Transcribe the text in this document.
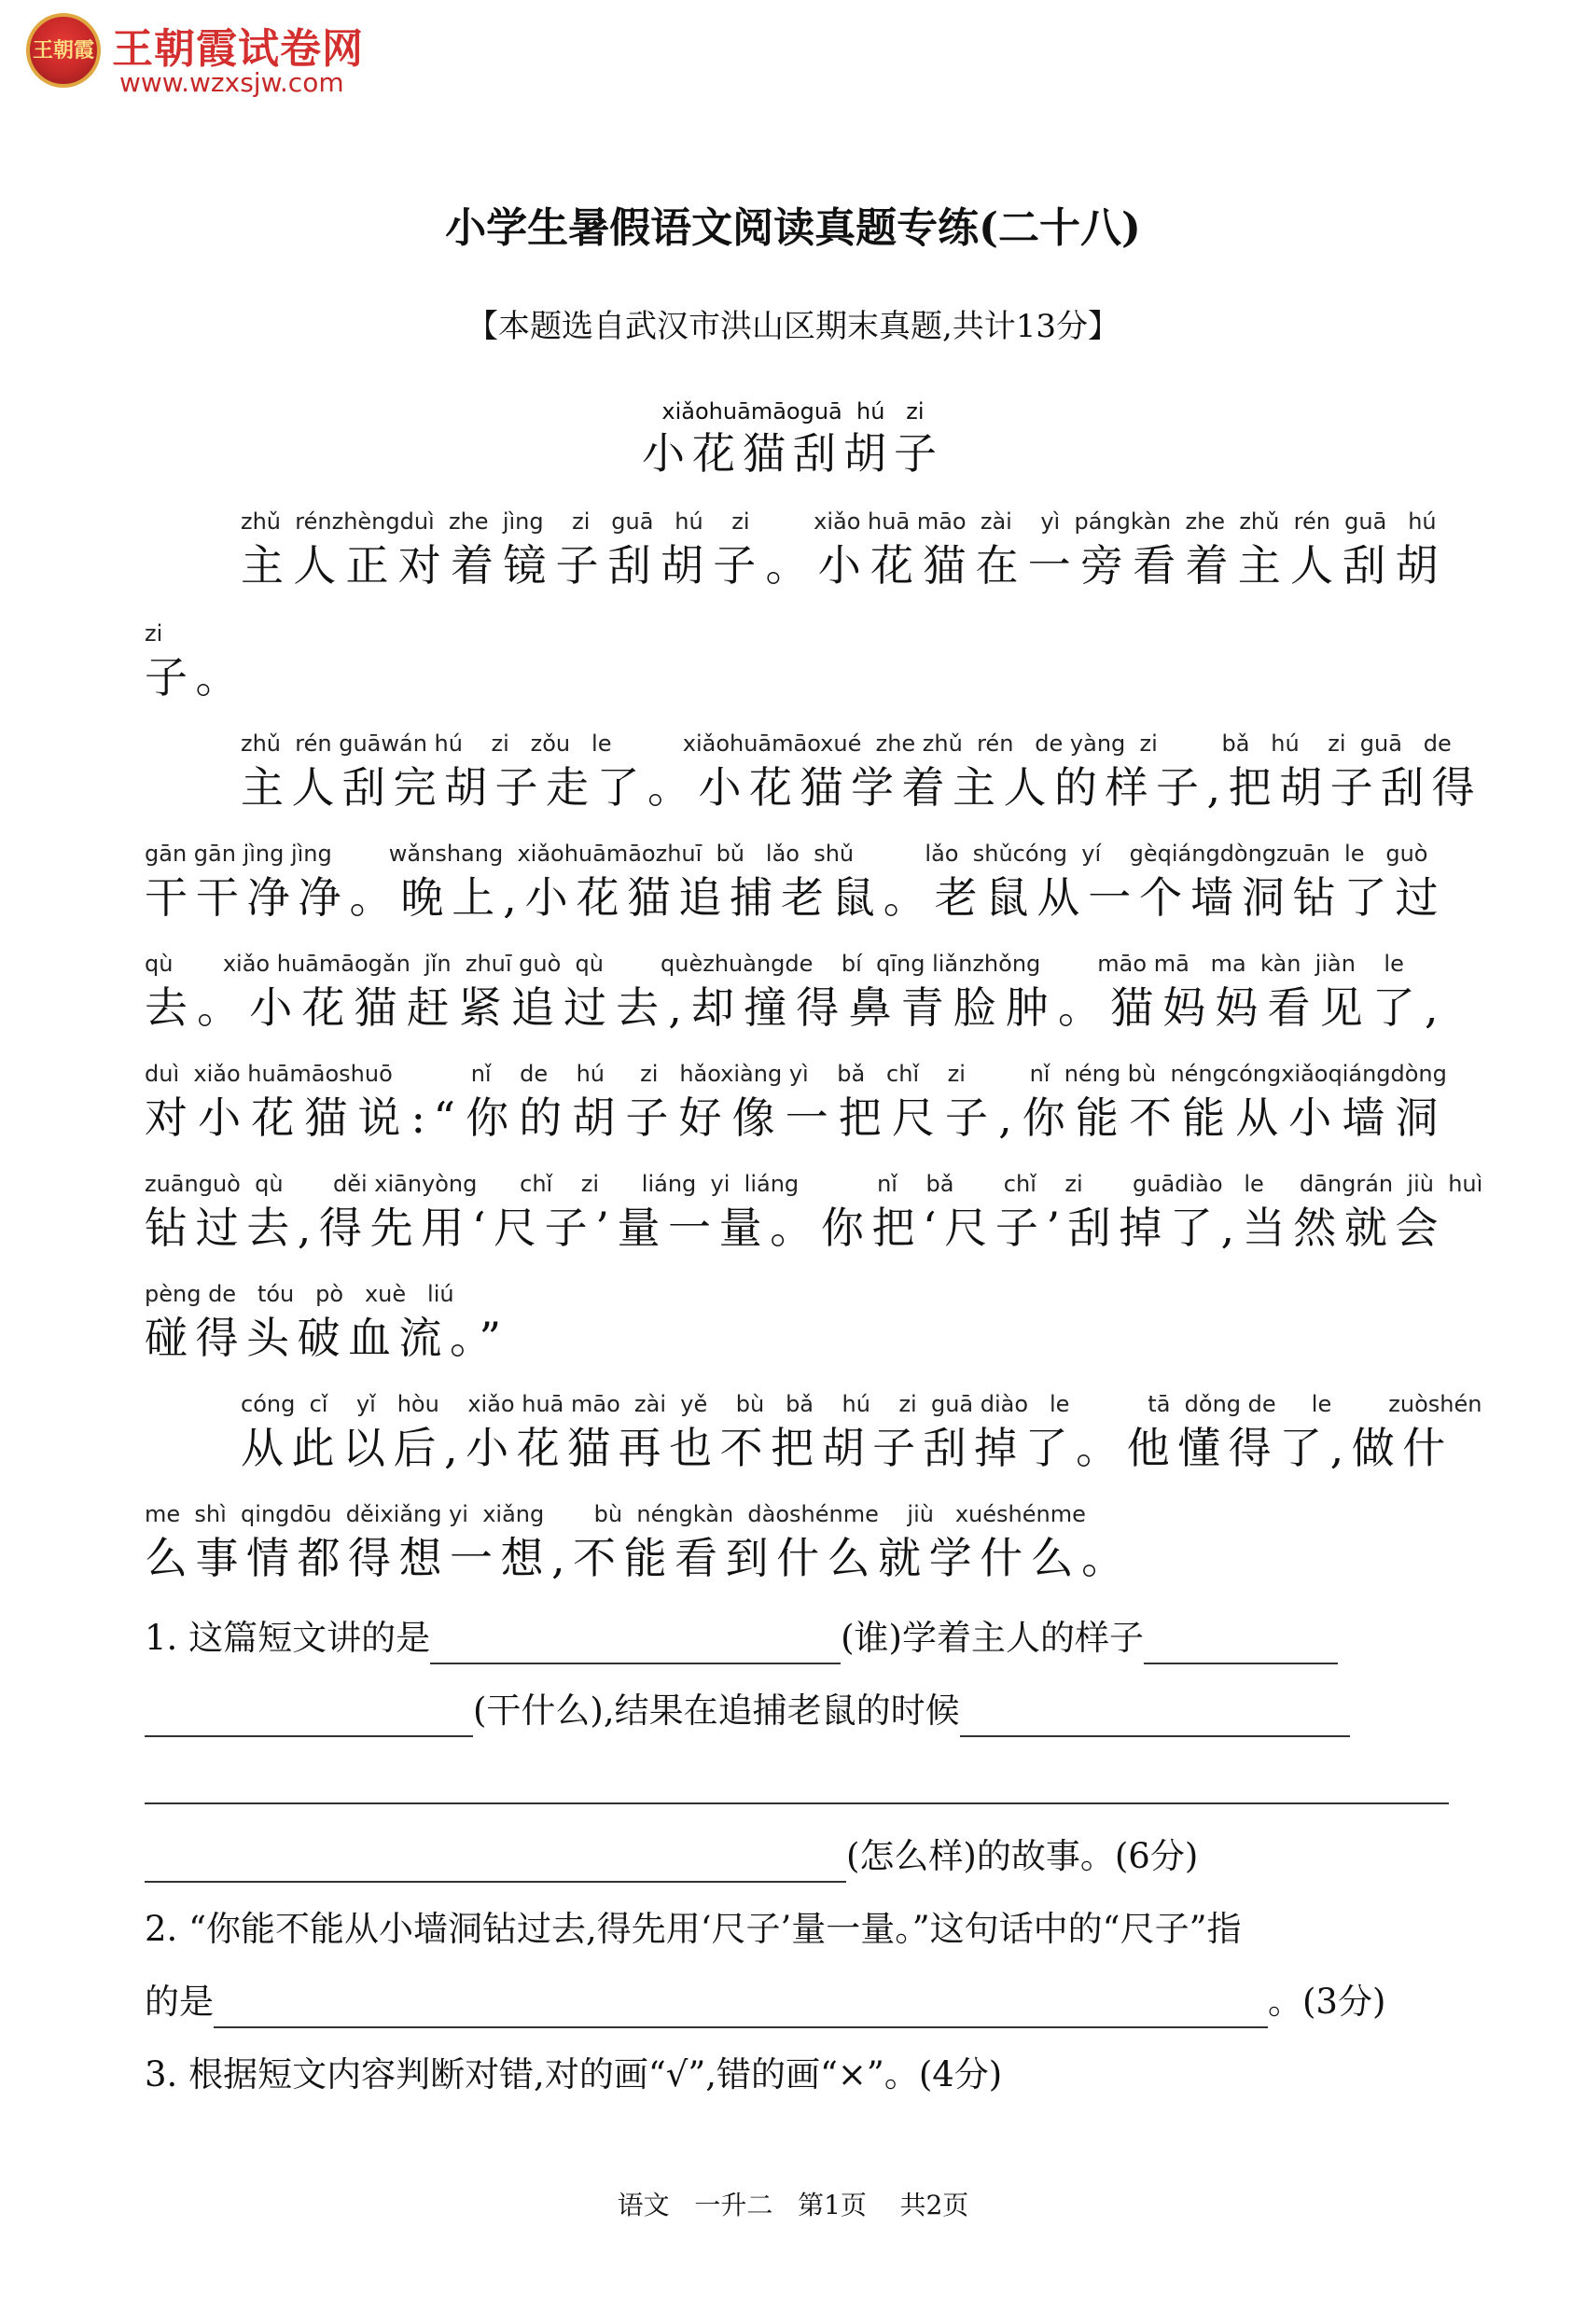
王朝霞 王朝霞试卷网
www.wzxsjw.com
小学生暑假语文阅读真题专练(二十八)
【本题选自武汉市洪山区期末真题,共计13分】
xiǎohuāmāoguā  hú   zi
小花猫刮胡子
zhǔ  rénzhèngduì  zhe  jìng    zi   guā   hú    zi         xiǎo huā māo  zài    yì  pángkàn  zhe  zhǔ  rén  guā   hú
主人正对着镜子刮胡子。小花猫在一旁看着主人刮胡
zi
子。
zhǔ  rén guāwán hú    zi   zǒu   le          xiǎohuāmāoxué  zhe zhǔ  rén   de yàng  zi         bǎ   hú    zi  guā   de
主人刮完胡子走了。小花猫学着主人的样子,把胡子刮得
gān gān jìng jìng        wǎnshang  xiǎohuāmāozhuī  bǔ   lǎo  shǔ          lǎo  shǔcóng  yí    gèqiángdòngzuān  le   guò
干干净净。晚上,小花猫追捕老鼠。老鼠从一个墙洞钻了过
qù       xiǎo huāmāogǎn  jǐn  zhuī guò  qù        quèzhuàngde    bí  qīng liǎnzhǒng        māo mā   ma  kàn  jiàn    le
去。小花猫赶紧追过去,却撞得鼻青脸肿。猫妈妈看见了,
duì  xiǎo huāmāoshuō           nǐ    de    hú     zi   hǎoxiàng yì    bǎ   chǐ    zi         nǐ  néng bù  néngcóngxiǎoqiángdòng
对小花猫说:“你的胡子好像一把尺子,你能不能从小墙洞
zuānguò  qù       děi xiānyòng      chǐ    zi      liáng  yi  liáng           nǐ    bǎ       chǐ    zi       guādiào   le     dāngrán  jiù  huì
钻过去,得先用‘尺子’量一量。你把‘尺子’刮掉了,当然就会
pèng de   tóu   pò   xuè   liú
碰得头破血流。”
cóng  cǐ    yǐ   hòu    xiǎo huā māo  zài  yě    bù   bǎ    hú    zi  guā diào   le           tā  dǒng de     le        zuòshén
从此以后,小花猫再也不把胡子刮掉了。他懂得了,做什
me  shì  qingdōu  děixiǎng yi  xiǎng       bù  néngkàn  dàoshénme    jiù   xuéshénme
么事情都得想一想,不能看到什么就学什么。
1. 这篇短文讲的是	(谁)学着主人的样子
(干什么),结果在追捕老鼠的时候
(怎么样)的故事。(6分)
2. “你能不能从小墙洞钻过去,得先用‘尺子’量一量。”这句话中的“尺子”指
的是	。(3分)
3. 根据短文内容判断对错,对的画“√”,错的画“×”。(4分)
语文   一升二   第1页    共2页
